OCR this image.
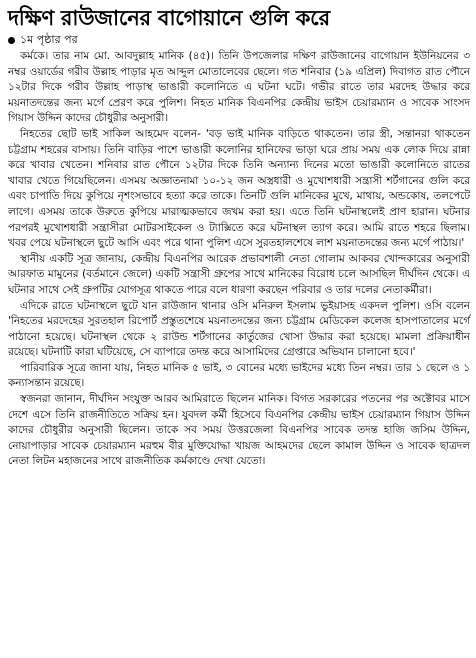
দক্ষিণ রাউজানের বাগোয়ানে গুলি করে
১ম পৃষ্ঠার পর

কর্মকে। তার নাম মো. আবদুল্লাহ মানিক (৪৫)। তিনি উপজেলার দক্ষিণ রাউজানের বাগোয়ান ইউনিয়নের ৩ নম্বর ওয়ার্ডের গরীব উল্লাহ পাড়ার মৃত আব্দুল মোতালেবের ছেলে। গত শনিবার (১৯ এপ্রিল) দিবাগত রাত পৌনে ১২টার দিকে গরীব উল্লাহ পাড়াস্থ ভাঙারী কলোনিতে এ ঘটনা ঘটে। গভীর রাতে তার মরদেহ উদ্ধার করে ময়নাতদন্তের জন্য মর্গে প্রেরণ করে পুলিশ। নিহত মানিক বিএনপির কেন্দ্রীয় ভাইস চেয়ারম্যান ও সাবেক সাংসদ গিয়াস উদ্দিন কাদের চৌধুরীর অনুসারী।

নিহতের ছোট ভাই সাকিল আহমেদ বলেন- 'বড় ভাই মানিক বাড়িতে থাকতেন। তার স্ত্রী, সন্তানরা থাকতেন চট্টগ্রাম শহরের বাসায়। তিনি বাড়ির পাশে ভাঙারী কলোনির হানিফের ভাড়া ঘরে প্রায় সময় এক লোক দিয়ে রান্না করে খাবার খেতেন। শনিবার রাত পৌনে ১২টার দিকে তিনি অন্যান্য দিনের মতো ভাঙারী কলোনিতে রাতের খাবার খেতে গিয়েছিলেন। এসময় অজ্ঞাতনামা ১০-১২ জন অস্ত্রধারী ও মুখোশধারী সন্ত্রাসী শর্টগানের গুলি করে এবং চাপাতি দিয়ে কুপিয়ে নৃশংসভাবে হত্যা করে তাকে। তিনটি গুলি মানিকের মুখে, মাথায়, অন্ডকোষ, তলপেটে লাগে। এসময় তাকে উরুতে কুপিয়ে মারাত্মকভাবে জখম করা হয়। এতে তিনি ঘটনাস্থলেই প্রাণ হারান। ঘটনার পরপরই মুখোশধারী সন্ত্রাসীরা মোটরসাইকেল ও ট্যাক্সিতে করে ঘটনাস্থল ত্যাগ করে। আমি রাতে শহরে ছিলাম। খবর পেয়ে ঘটনাস্থলে ছুটে আসি এবং পরে থানা পুলিশ এসে সুরতহালশেষে লাশ ময়নাতদন্তের জন্য মর্গে পাঠায়।'

স্থানীয় একটি সূত্র জানায়, কেন্দ্রীয় বিএনপির আরেক প্রভাবশালী নেতা গোলাম আকবর খোন্দকারের অনুসারী আরফাত মামুনের (বর্তমানে জেলে) একটি সন্ত্রাসী গ্রুপের সাথে মানিকের বিরোধ চলে আসছিল দীর্ঘদিন থেকে। এ ঘটনার সাথে সেই গ্রুপটির যোগসূত্র থাকতে পারে বলে ধারণা করছেন পরিবার ও তার দলের নেতাকর্মীরা।

এদিকে রাতে ঘটনাস্থলে ছুটে যান রাউজান থানার ওসি মনিরুল ইসলাম ভুইয়াসহ একদল পুলিশ। ওসি বলেন 'নিহতের মরদেহের সুরতহাল রিপোর্ট প্রস্তুতশেষে ময়নাতদন্তের জন্য চট্টগ্রাম মেডিকেল কলেজ হাসপাতালের মর্গে পাঠানো হয়েছে। ঘটনাস্থল থেকে ২ রাউন্ড শর্টগানের কার্তুজের খোসা উদ্ধার করা হয়েছে। মামলা প্রক্রিয়াধীন রয়েছে। ঘটনাটি কারা ঘটিয়েছে, সে ব্যাপারে তদন্ত করে আসামিদের গ্রেপ্তারে অভিযান চালানো হবে।'

পারিবারিক সূত্রে জানা যায়, নিহত মানিক ৫ ভাই, ৩ বোনের মধ্যে ভাইদের মধ্যে তিন নম্বর। তার ১ ছেলে ও ১ কন্যাসন্তান রয়েছে।

স্বজনরা জানান, দীর্ঘদিন সংযুক্ত আরব আমিরাতে ছিলেন মানিক। বিগত সরকারের পতনের পর অক্টোবর মাসে দেশে এসে তিনি রাজনীতিতে সক্রিয় হন। যুবদল কর্মী হিসেবে বিএনপির কেন্দ্রীয় ভাইস চেয়ারম্যান গিয়াস উদ্দিন কাদের চৌধুরীর অনুসারী ছিলেন। তাকে সব সময় উত্তরজেলা বিএনপির সাবেক তদন্ত হাজি জসিম উদ্দিন, নোয়াপাড়ার সাবেক চেয়ারম্যান মরহুম বীর মুক্তিযোদ্ধা খায়জ আহমদের ছেলে কামাল উদ্দিন ও সাবেক ছাত্রদল নেতা লিটন মহাজনের সাথে রাজনীতিক কর্মকাণ্ডে দেখা যেতো।
